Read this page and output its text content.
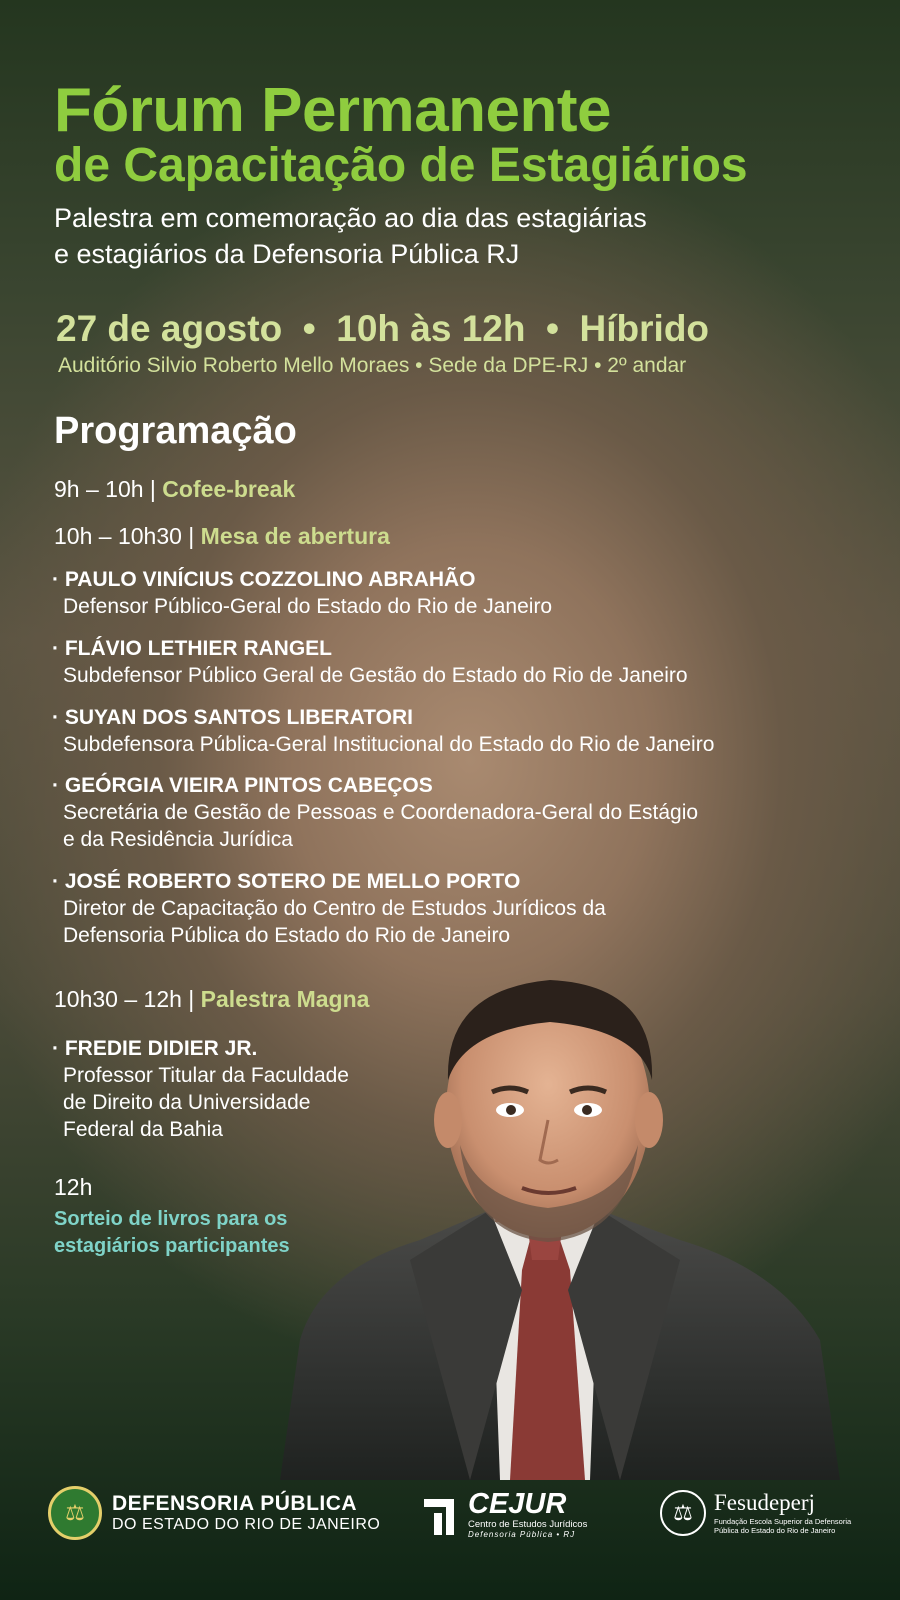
Fórum Permanente
de Capacitação de Estagiários
Palestra em comemoração ao dia das estagiárias
e estagiários da Defensoria Pública RJ
27 de agosto  •  10h às 12h  •  Híbrido
Auditório Silvio Roberto Mello Moraes • Sede da DPE-RJ • 2º andar
Programação
9h – 10h | Cofee-break
10h – 10h30 | Mesa de abertura
· PAULO VINÍCIUS COZZOLINO ABRAHÃO
Defensor Público-Geral do Estado do Rio de Janeiro
· FLÁVIO LETHIER RANGEL
Subdefensor Público Geral de Gestão do Estado do Rio de Janeiro
· SUYAN DOS SANTOS LIBERATORI
Subdefensora Pública-Geral Institucional do Estado do Rio de Janeiro
· GEÓRGIA VIEIRA PINTOS CABEÇOS
Secretária de Gestão de Pessoas e Coordenadora-Geral do Estágio
e da Residência Jurídica
· JOSÉ ROBERTO SOTERO DE MELLO PORTO
Diretor de Capacitação do Centro de Estudos Jurídicos da
Defensoria Pública do Estado do Rio de Janeiro
10h30 – 12h | Palestra Magna
· FREDIE DIDIER JR.
Professor Titular da Faculdade
de Direito da Universidade
Federal da Bahia
12h
Sorteio de livros para os estagiários participantes
⚖	DEFENSORIA PÚBLICA
DO ESTADO DO RIO DE JANEIRO
CEJUR
Centro de Estudos Jurídicos
Defensoria Pública • RJ
⚖ Fesudeperj
Fundação Escola Superior da Defensoria
Pública do Estado do Rio de Janeiro
